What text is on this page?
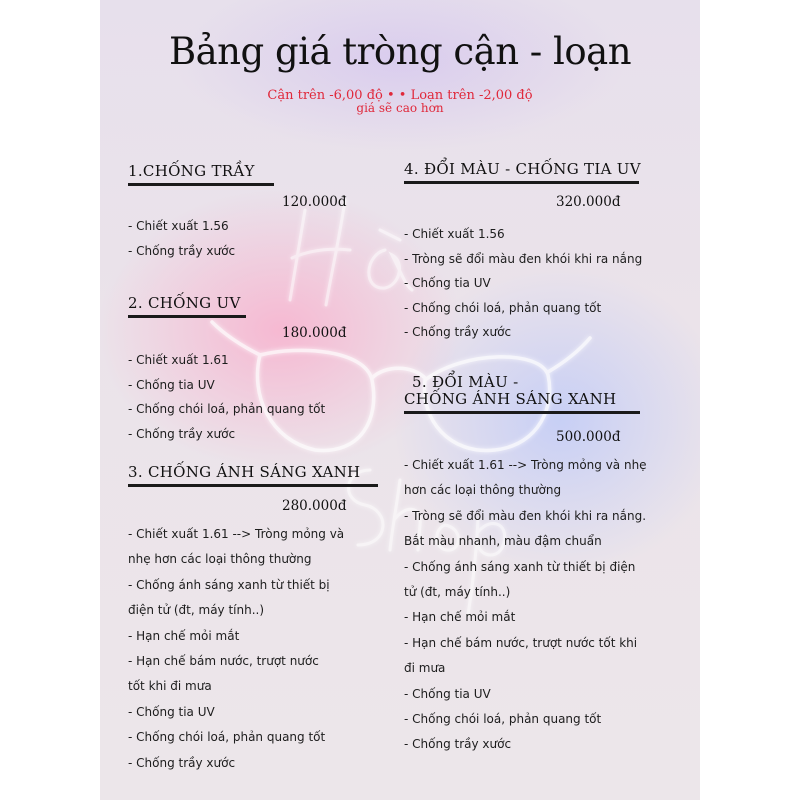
Bảng giá tròng cận - loạn
Cận trên -6,00 độ • • Loạn trên -2,00 độ
giá sẽ cao hơn
1.CHỐNG TRẦY
120.000đ
- Chiết xuất 1.56
- Chống trầy xước
2. CHỐNG UV
180.000đ
- Chiết xuất 1.61
- Chống tia UV
- Chống chói loá, phản quang tốt
- Chống trầy xước
3. CHỐNG ÁNH SÁNG XANH
280.000đ
- Chiết xuất 1.61 --> Tròng mỏng và
nhẹ hơn các loại thông thường
- Chống ánh sáng xanh từ thiết bị
điện tử (đt, máy tính..)
- Hạn chế mỏi mắt
- Hạn chế bám nước, trượt nước
tốt khi đi mưa
- Chống tia UV
- Chống chói loá, phản quang tốt
- Chống trầy xước
4. ĐỔI MÀU - CHỐNG TIA UV
320.000đ
- Chiết xuất 1.56
- Tròng sẽ đổi màu đen khói khi ra nắng
- Chống tia UV
- Chống chói loá, phản quang tốt
- Chống trầy xước
5. ĐỔI MÀU -
CHỐNG ÁNH SÁNG XANH
500.000đ
- Chiết xuất 1.61 --> Tròng mỏng và nhẹ
hơn các loại thông thường
- Tròng sẽ đổi màu đen khói khi ra nắng.
Bắt màu nhanh, màu đậm chuẩn
- Chống ánh sáng xanh từ thiết bị điện
tử (đt, máy tính..)
- Hạn chế mỏi mắt
- Hạn chế bám nước, trượt nước tốt khi
đi mưa
- Chống tia UV
- Chống chói loá, phản quang tốt
- Chống trầy xước
